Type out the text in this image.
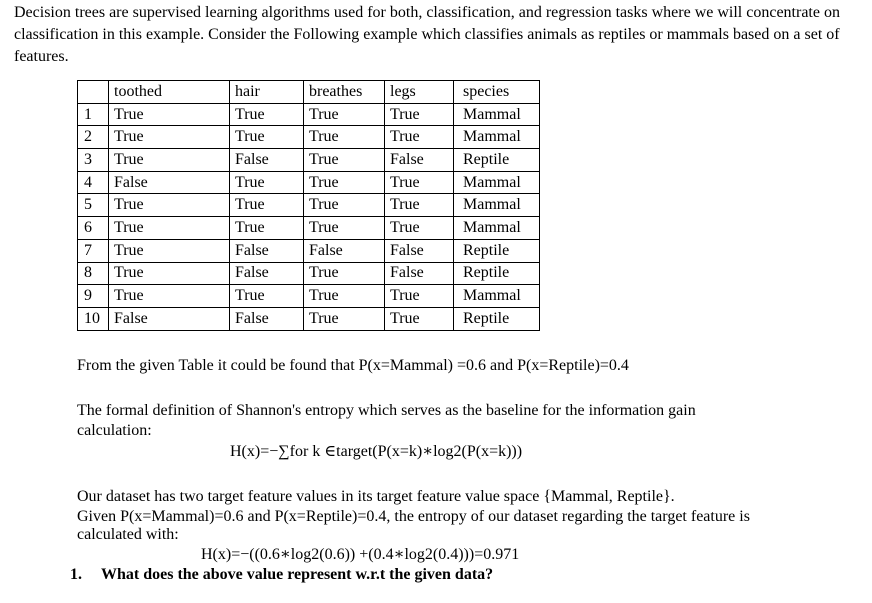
Decision trees are supervised learning algorithms used for both, classification, and regression tasks where we will concentrate on classification in this example. Consider the Following example which classifies animals as reptiles or mammals based on a set of features.

	toothed	hair	breathes	legs	species
1	True	True	True	True	Mammal
2	True	True	True	True	Mammal
3	True	False	True	False	Reptile
4	False	True	True	True	Mammal
5	True	True	True	True	Mammal
6	True	True	True	True	Mammal
7	True	False	False	False	Reptile
8	True	False	True	False	Reptile
9	True	True	True	True	Mammal
10	False	False	True	True	Reptile

From the given Table it could be found that P(x=Mammal) =0.6 and P(x=Reptile)=0.4

The formal definition of Shannon's entropy which serves as the baseline for the information gain

calculation:

H(x)=−∑for k ∈target(P(x=k)∗log2(P(x=k)))

Our dataset has two target feature values in its target feature value space {Mammal, Reptile}.

Given P(x=Mammal)=0.6 and P(x=Reptile)=0.4, the entropy of our dataset regarding the target feature is

calculated with:

H(x)=−((0.6∗log2(0.6)) +(0.4∗log2(0.4)))=0.971

1. What does the above value represent w.r.t the given data?
